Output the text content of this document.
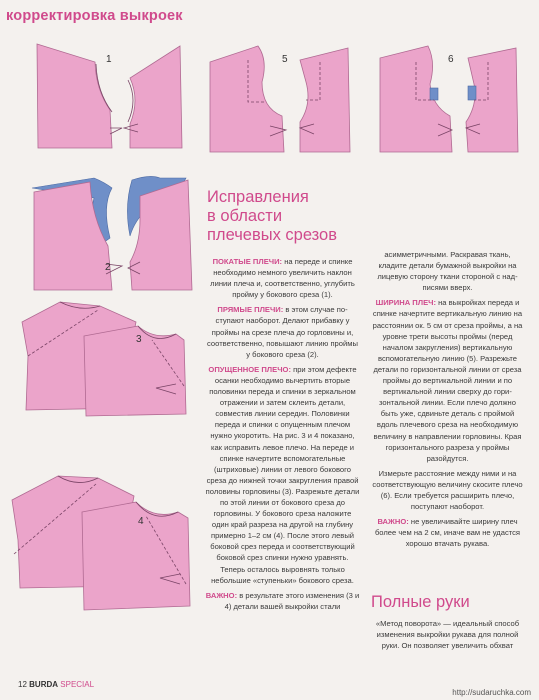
корректировка выкроек
1	5	6
2
3
4
Исправления
в области
плечевых срезов

ПОКАТЫЕ ПЛЕЧИ: на переде и спинке необходимо немного увеличить наклон линии плеча и, соответственно, углубить пройму у бокового среза (1).

ПРЯМЫЕ ПЛЕЧИ: в этом случае поступают наоборот. Делают прибавку у проймы на срезе плеча до горловины и, соответственно, повышают линию проймы у бокового среза (2).

ОПУЩЕННОЕ ПЛЕЧО: при этом дефекте осанки необходимо вычертить вторые половинки переда и спинки в зеркальном отражении и затем склеить детали, совместив линии середин. Половинки переда и спинки с опущенным плечом нужно укоротить. На рис. 3 и 4 показано, как исправить левое плечо. На переде и спинке начертите вспомогательные (штриховые) линии от левого бокового среза до нижней точки закругления правой половины горловины (3). Разрежьте детали по этой линии от бокового среза до горловины. У бокового среза наложите один край разреза на другой на глубину примерно 1–2 см (4). После этого левый боковой срез переда и соответствующий боковой срез спинки нужно уравнять. Теперь осталось выровнять только небольшие «ступеньки» бокового среза.

ВАЖНО: в результате этого изменения (3 и 4) детали вашей выкройки стали

асимметричными. Раскравая ткань, кладите детали бумажной выкройки на лицевую сторону ткани стороной с надписями вверх.

ШИРИНА ПЛЕЧ: на выкройках переда и спинке начертите вертикальную линию на расстоянии ок. 5 см от среза проймы, а на уровне трети высоты проймы (перед началом закругления) вертикальную вспомогательную линию (5). Разрежьте детали по горизонтальной линии от среза проймы до вертикальной линии и по вертикальной линии сверху до горизонтальной линии. Если плечо должно быть уже, сдвиньте деталь с проймой вдоль плечевого среза на необходимую величину в направлении горловины. Края горизонтального разреза у проймы разойдутся.

Измерьте расстояние между ними и на соответствующую величину скосите плечо (6). Если требуется расширить плечо, поступают наоборот.

ВАЖНО: не увеличивайте ширину плеч более чем на 2 см, иначе вам не удастся хорошо втачать рукава.

Полные руки

«Метод поворота» — идеальный способ изменения выкройки рукава для полной руки. Он позволяет увеличить обхват

12 BURDA SPECIAL
http://sudaruchka.com
